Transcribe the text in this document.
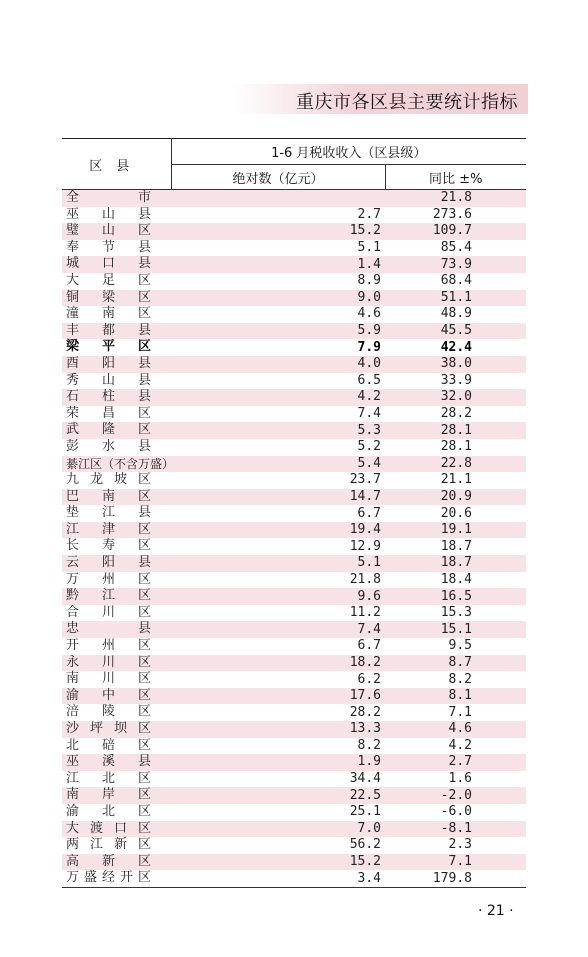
重庆市各区县主要统计指标
区县	1-6 月税收收入（区县级）	
	绝对数（亿元）	同比 ±%

全 市		21.8

巫 山 县	2.7	273.6

璧 山 区	15.2	109.7

奉 节 县	5.1	85.4

城 口 县	1.4	73.9

大 足 区	8.9	68.4

铜 梁 区	9.0	51.1

潼 南 区	4.6	48.9

丰 都 县	5.9	45.5

梁 平 区	7.9	42.4

酉 阳 县	4.0	38.0

秀 山 县	6.5	33.9

石 柱 县	4.2	32.0

荣 昌 区	7.4	28.2

武 隆 区	5.3	28.1

彭 水 县	5.2	28.1

綦江区（不含万盛）	5.4	22.8

九 龙 坡 区	23.7	21.1

巴 南 区	14.7	20.9

垫 江 县	6.7	20.6

江 津 区	19.4	19.1

长 寿 区	12.9	18.7

云 阳 县	5.1	18.7

万 州 区	21.8	18.4

黔 江 区	9.6	16.5

合 川 区	11.2	15.3

忠 县	7.4	15.1

开 州 区	6.7	9.5

永 川 区	18.2	8.7

南 川 区	6.2	8.2

渝 中 区	17.6	8.1

涪 陵 区	28.2	7.1

沙 坪 坝 区	13.3	4.6

北 碚 区	8.2	4.2

巫 溪 县	1.9	2.7

江 北 区	34.4	1.6

南 岸 区	22.5	-2.0

渝 北 区	25.1	-6.0

大 渡 口 区	7.0	-8.1

两 江 新 区	56.2	2.3

高 新 区	15.2	7.1

万 盛 经 开 区	3.4	179.8
· 21 ·
